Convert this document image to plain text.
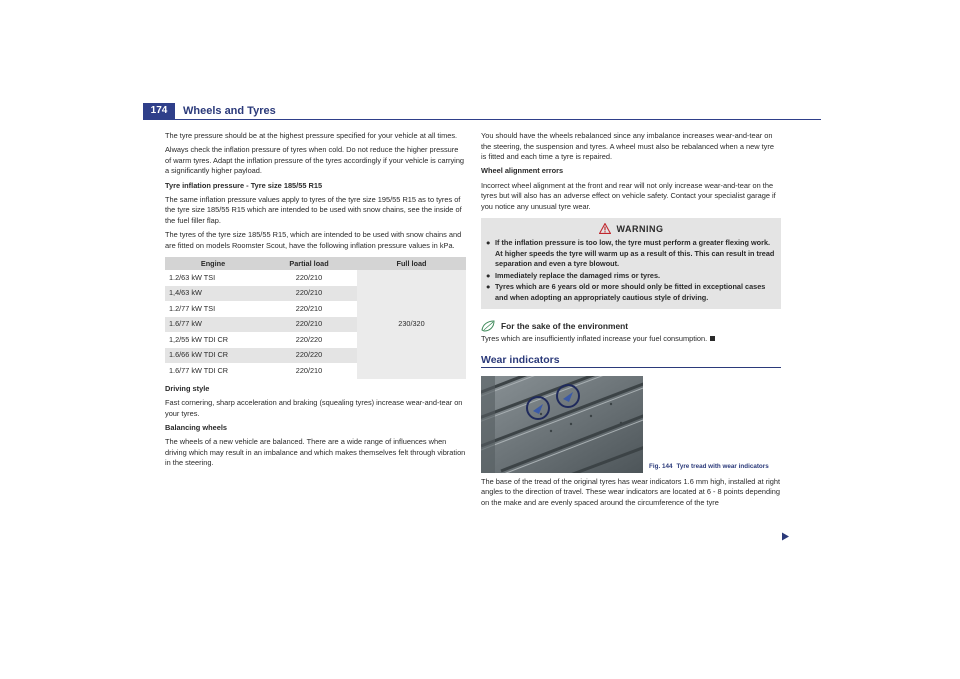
174	Wheels and Tyres

The tyre pressure should be at the highest pressure specified for your vehicle at all times.

Always check the inflation pressure of tyres when cold. Do not reduce the higher pressure of warm tyres. Adapt the inflation pressure of the tyres accordingly if your vehicle is carrying a significantly higher payload.

Tyre inflation pressure - Tyre size 185/55 R15

The same inflation pressure values apply to tyres of the tyre size 195/55 R15 as to tyres of the tyre size 185/55 R15 which are intended to be used with snow chains, see the inside of the fuel filler flap.

The tyres of the tyre size 185/55 R15, which are intended to be used with snow chains and are fitted on models Roomster Scout, have the following inflation pressure values in kPa.

Engine	Partial load	Full load
1.2/63 kW TSI	220/210	230/320
1,4/63 kW	220/210	
1.2/77 kW TSI	220/210	
1.6/77 kW	220/210	
1,2/55 kW TDI CR	220/220	
1.6/66 kW TDI CR	220/220	
1.6/77 kW TDI CR	220/210	

Driving style

Fast cornering, sharp acceleration and braking (squealing tyres) increase wear-and-tear on your tyres.

Balancing wheels

The wheels of a new vehicle are balanced. There are a wide range of influences when driving which may result in an imbalance and which makes themselves felt through vibration in the steering.

You should have the wheels rebalanced since any imbalance increases wear-and-tear on the steering, the suspension and tyres. A wheel must also be rebalanced when a new tyre is fitted and each time a tyre is repaired.

Wheel alignment errors

Incorrect wheel alignment at the front and rear will not only increase wear-and-tear on the tyres but will also has an adverse effect on vehicle safety. Contact your specialist garage if you notice any unusual tyre wear.

WARNING
● If the inflation pressure is too low, the tyre must perform a greater flexing work. At higher speeds the tyre will warm up as a result of this. This can result in tread separation and even a tyre blowout.
● Immediately replace the damaged rims or tyres.
● Tyres which are 6 years old or more should only be fitted in exceptional cases and when adopting an appropriately cautious style of driving.
For the sake of the environment

Tyres which are insufficiently inflated increase your fuel consumption.

Wear indicators
Fig. 144 Tyre tread with wear indicators

The base of the tread of the original tyres has wear indicators 1.6 mm high, installed at right angles to the direction of travel. These wear indicators are located at 6 - 8 points depending on the make and are evenly spaced around the circumference of the tyre
